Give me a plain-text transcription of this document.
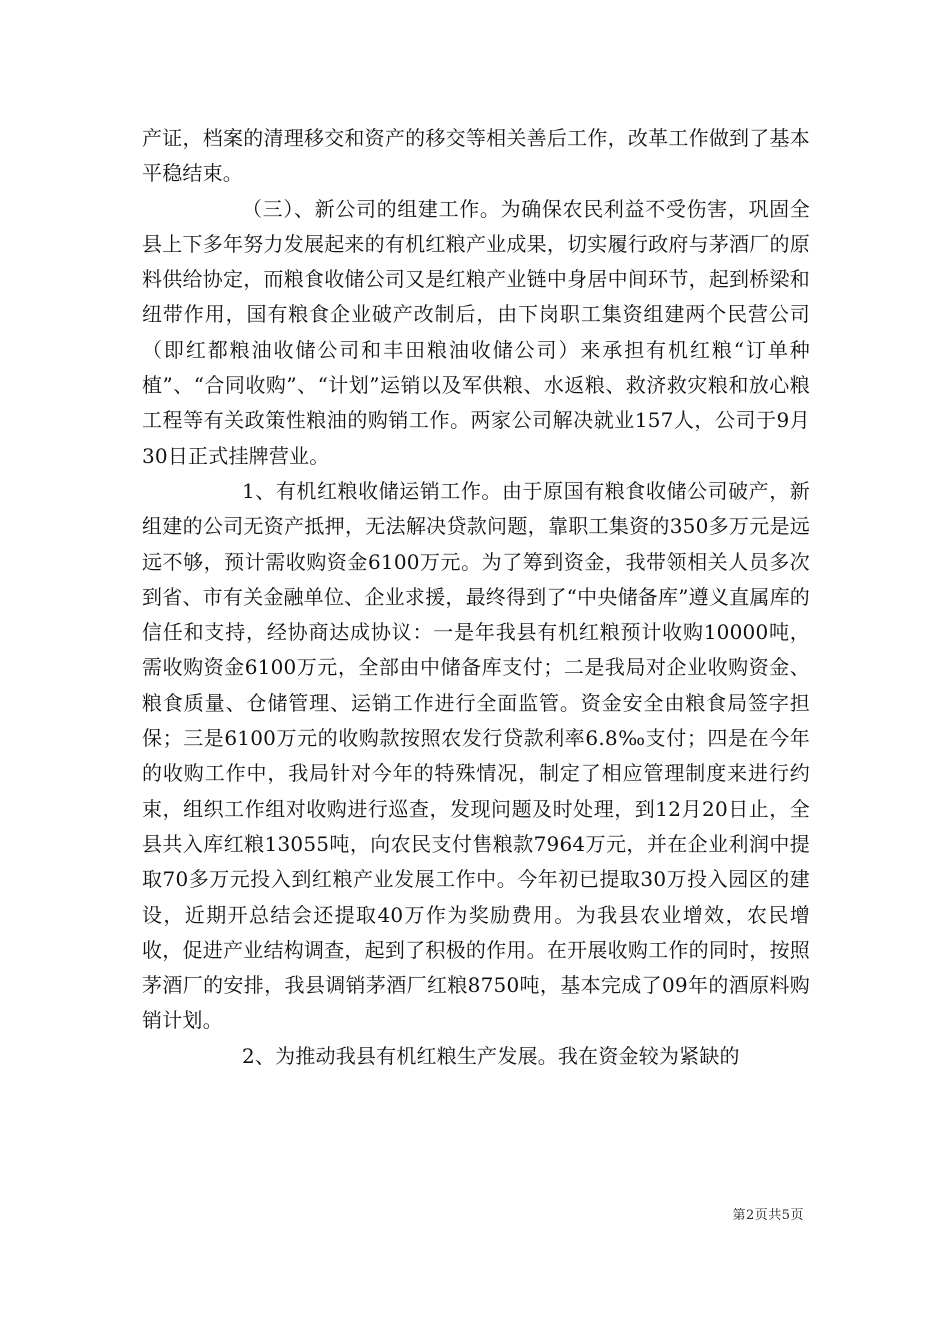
产证，档案的清理移交和资产的移交等相关善后工作，改革工作做到了基本平稳结束。

（三）、新公司的组建工作。为确保农民利益不受伤害，巩固全县上下多年努力发展起来的有机红粮产业成果，切实履行政府与茅酒厂的原料供给协定，而粮食收储公司又是红粮产业链中身居中间环节，起到桥梁和纽带作用，国有粮食企业破产改制后，由下岗职工集资组建两个民营公司（即红都粮油收储公司和丰田粮油收储公司）来承担有机红粮“订单种植”、“合同收购”、“计划”运销以及军供粮、水返粮、救济救灾粮和放心粮工程等有关政策性粮油的购销工作。两家公司解决就业157人，公司于9月30日正式挂牌营业。

1、有机红粮收储运销工作。由于原国有粮食收储公司破产，新组建的公司无资产抵押，无法解决贷款问题，靠职工集资的350多万元是远远不够，预计需收购资金6100万元。为了筹到资金，我带领相关人员多次到省、市有关金融单位、企业求援，最终得到了“中央储备库”遵义直属库的信任和支持，经协商达成协议：一是年我县有机红粮预计收购10000吨，需收购资金6100万元，全部由中储备库支付；二是我局对企业收购资金、粮食质量、仓储管理、运销工作进行全面监管。资金安全由粮食局签字担保；三是6100万元的收购款按照农发行贷款利率6.8‰支付；四是在今年的收购工作中，我局针对今年的特殊情况，制定了相应管理制度来进行约束，组织工作组对收购进行巡查，发现问题及时处理，到12月20日止，全县共入库红粮13055吨，向农民支付售粮款7964万元，并在企业利润中提取70多万元投入到红粮产业发展工作中。今年初已提取30万投入园区的建设，近期开总结会还提取40万作为奖励费用。为我县农业增效，农民增收，促进产业结构调查，起到了积极的作用。在开展收购工作的同时，按照茅酒厂的安排，我县调销茅酒厂红粮8750吨，基本完成了09年的酒原料购销计划。

2、为推动我县有机红粮生产发展。我在资金较为紧缺的

第2页共5页
